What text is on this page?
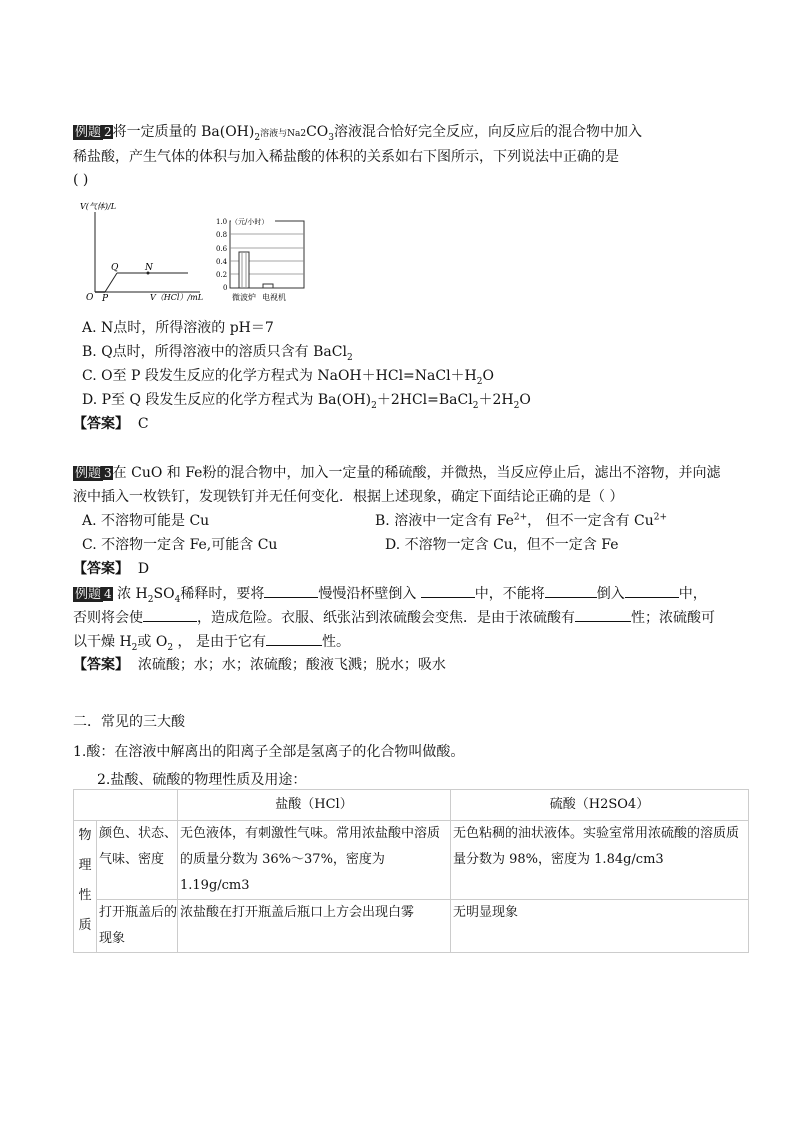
例题 2将一定质量的 $Ba(OH)_2$溶液与$Na2CO_3$溶液混合恰好完全反应，向反应后的混合物中加入
稀盐酸，产生气体的体积与加入稀盐酸的体积的关系如右下图所示，下列说法中正确的是
( )
V(气体)/L
V（HCl）/mL
O P
Q	N
（元/小时）
1.0
0.8
0.6
0.4
0.2
0
微波炉 电视机
A. N点时，所得溶液的 pH＝7
B. Q点时，所得溶液中的溶质只含有 BaCl$_2$
C. O至 P 段发生反应的化学方程式为 $NaOH+HCl=NaCl+H_2O$
D. P至 Q 段发生反应的化学方程式为 $Ba(OH)_2+2HCl=BaCl_2+2H_2O$
【答案】 C
例题 3在 CuO 和 Fe粉的混合物中，加入一定量的稀硫酸，并微热，当反应停止后，滤出不溶物，并向滤
液中插入一枚铁钉，发现铁钉并无任何变化．根据上述现象，确定下面结论正确的是（ ）
A. 不溶物可能是 Cu	B. 溶液中一定含有 $Fe^{2+}$， 但不一定含有 $Cu^{2+}$
C. 不溶物一定含 Fe,可能含 Cu	D. 不溶物一定含 Cu，但不一定含 Fe
【答案】 D
例题 4 浓 $H_2SO_4$稀释时，要将	慢慢沿杯壁倒入	中，不能将	倒入	中，
否则将会使	，造成危险。衣服、纸张沾到浓硫酸会变焦．是由于浓硫酸有	性；浓硫酸可
以干燥 $H_2$或 $O_2$ ， 是由于它有	性。
【答案】 浓硫酸；水；水；浓硫酸；酸液飞溅；脱水；吸水
二．常见的三大酸
1.酸：在溶液中解离出的阳离子全部是氢离子的化合物叫做酸。
2.盐酸、硫酸的物理性质及用途：
		盐酸（HCl）	硫酸（H2SO4）

物
理
性
质	颜色、状态、气味、密度	无色液体，有刺激性气味。常用浓盐酸中溶质的质量分数为 36%～37%，密度为 1.19g/cm3	无色粘稠的油状液体。实验室常用浓硫酸的溶质质量分数为 98%，密度为 1.84g/cm3
	打开瓶盖后的现象	浓盐酸在打开瓶盖后瓶口上方会出现白雾	无明显现象
